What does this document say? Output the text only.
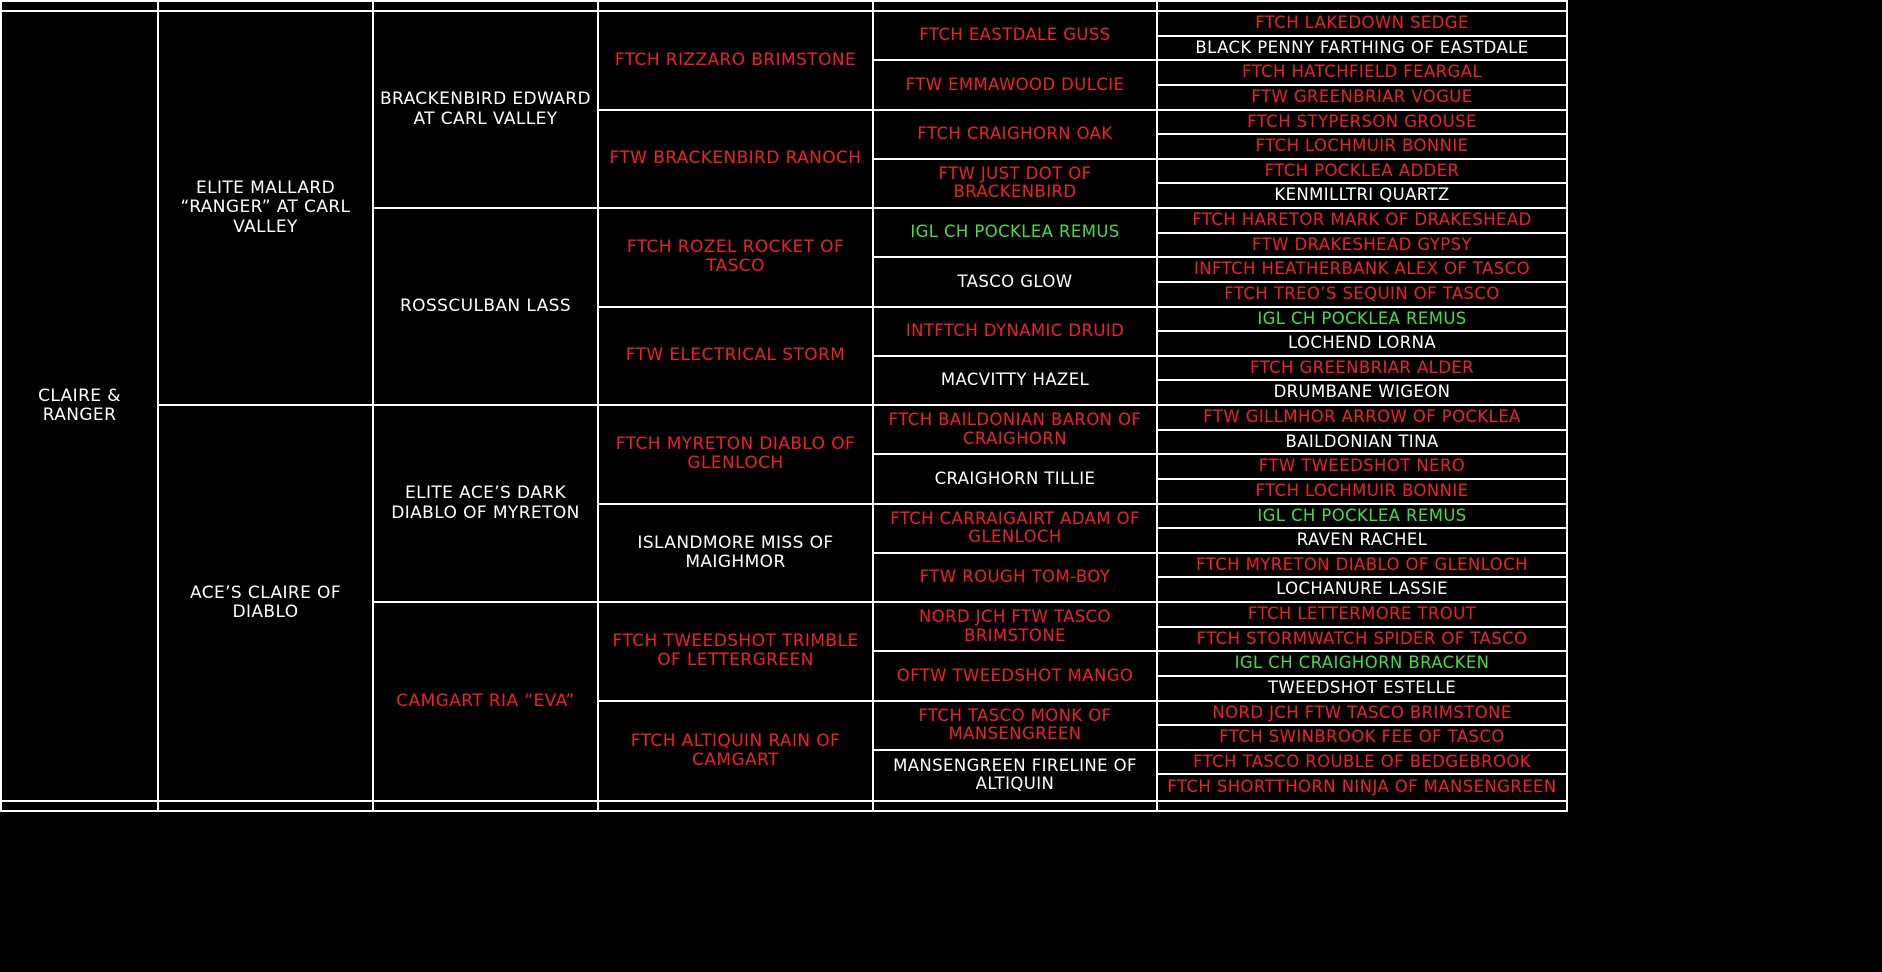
CLAIRE & RANGER
ELITE MALLARD “RANGER” AT CARL VALLEY
ACE’S CLAIRE OF DIABLO
BRACKENBIRD EDWARD AT CARL VALLEY
ROSSCULBAN LASS
ELITE ACE’S DARK DIABLO OF MYRETON
CAMGART RIA “EVA”
FTCH RIZZARO BRIMSTONE
FTW BRACKENBIRD RANOCH
FTCH ROZEL ROCKET OF TASCO
FTW ELECTRICAL STORM
FTCH MYRETON DIABLO OF GLENLOCH
ISLANDMORE MISS OF MAIGHMOR
FTCH TWEEDSHOT TRIMBLE OF LETTERGREEN
FTCH ALTIQUIN RAIN OF CAMGART
FTCH EASTDALE GUSS
FTW EMMAWOOD DULCIE
FTCH CRAIGHORN OAK
FTW JUST DOT OF BRACKENBIRD
IGL CH POCKLEA REMUS
TASCO GLOW
INTFTCH DYNAMIC DRUID
MACVITTY HAZEL
FTCH BAILDONIAN BARON OF CRAIGHORN
CRAIGHORN TILLIE
FTCH CARRAIGAIRT ADAM OF GLENLOCH
FTW ROUGH TOM-BOY
NORD JCH FTW TASCO BRIMSTONE
OFTW TWEEDSHOT MANGO
FTCH TASCO MONK OF MANSENGREEN
MANSENGREEN FIRELINE OF ALTIQUIN
FTCH LAKEDOWN SEDGE
BLACK PENNY FARTHING OF EASTDALE
FTCH HATCHFIELD FEARGAL
FTW GREENBRIAR VOGUE
FTCH STYPERSON GROUSE
FTCH LOCHMUIR BONNIE
FTCH POCKLEA ADDER
KENMILLTRI QUARTZ
FTCH HARETOR MARK OF DRAKESHEAD
FTW DRAKESHEAD GYPSY
INFTCH HEATHERBANK ALEX OF TASCO
FTCH TREO’S SEQUIN OF TASCO
IGL CH POCKLEA REMUS
LOCHEND LORNA
FTCH GREENBRIAR ALDER
DRUMBANE WIGEON
FTW GILLMHOR ARROW OF POCKLEA
BAILDONIAN TINA
FTW TWEEDSHOT NERO
FTCH LOCHMUIR BONNIE
IGL CH POCKLEA REMUS
RAVEN RACHEL
FTCH MYRETON DIABLO OF GLENLOCH
LOCHANURE LASSIE
FTCH LETTERMORE TROUT
FTCH STORMWATCH SPIDER OF TASCO
IGL CH CRAIGHORN BRACKEN
TWEEDSHOT ESTELLE
NORD JCH FTW TASCO BRIMSTONE
FTCH SWINBROOK FEE OF TASCO
FTCH TASCO ROUBLE OF BEDGEBROOK
FTCH SHORTTHORN NINJA OF MANSENGREEN
